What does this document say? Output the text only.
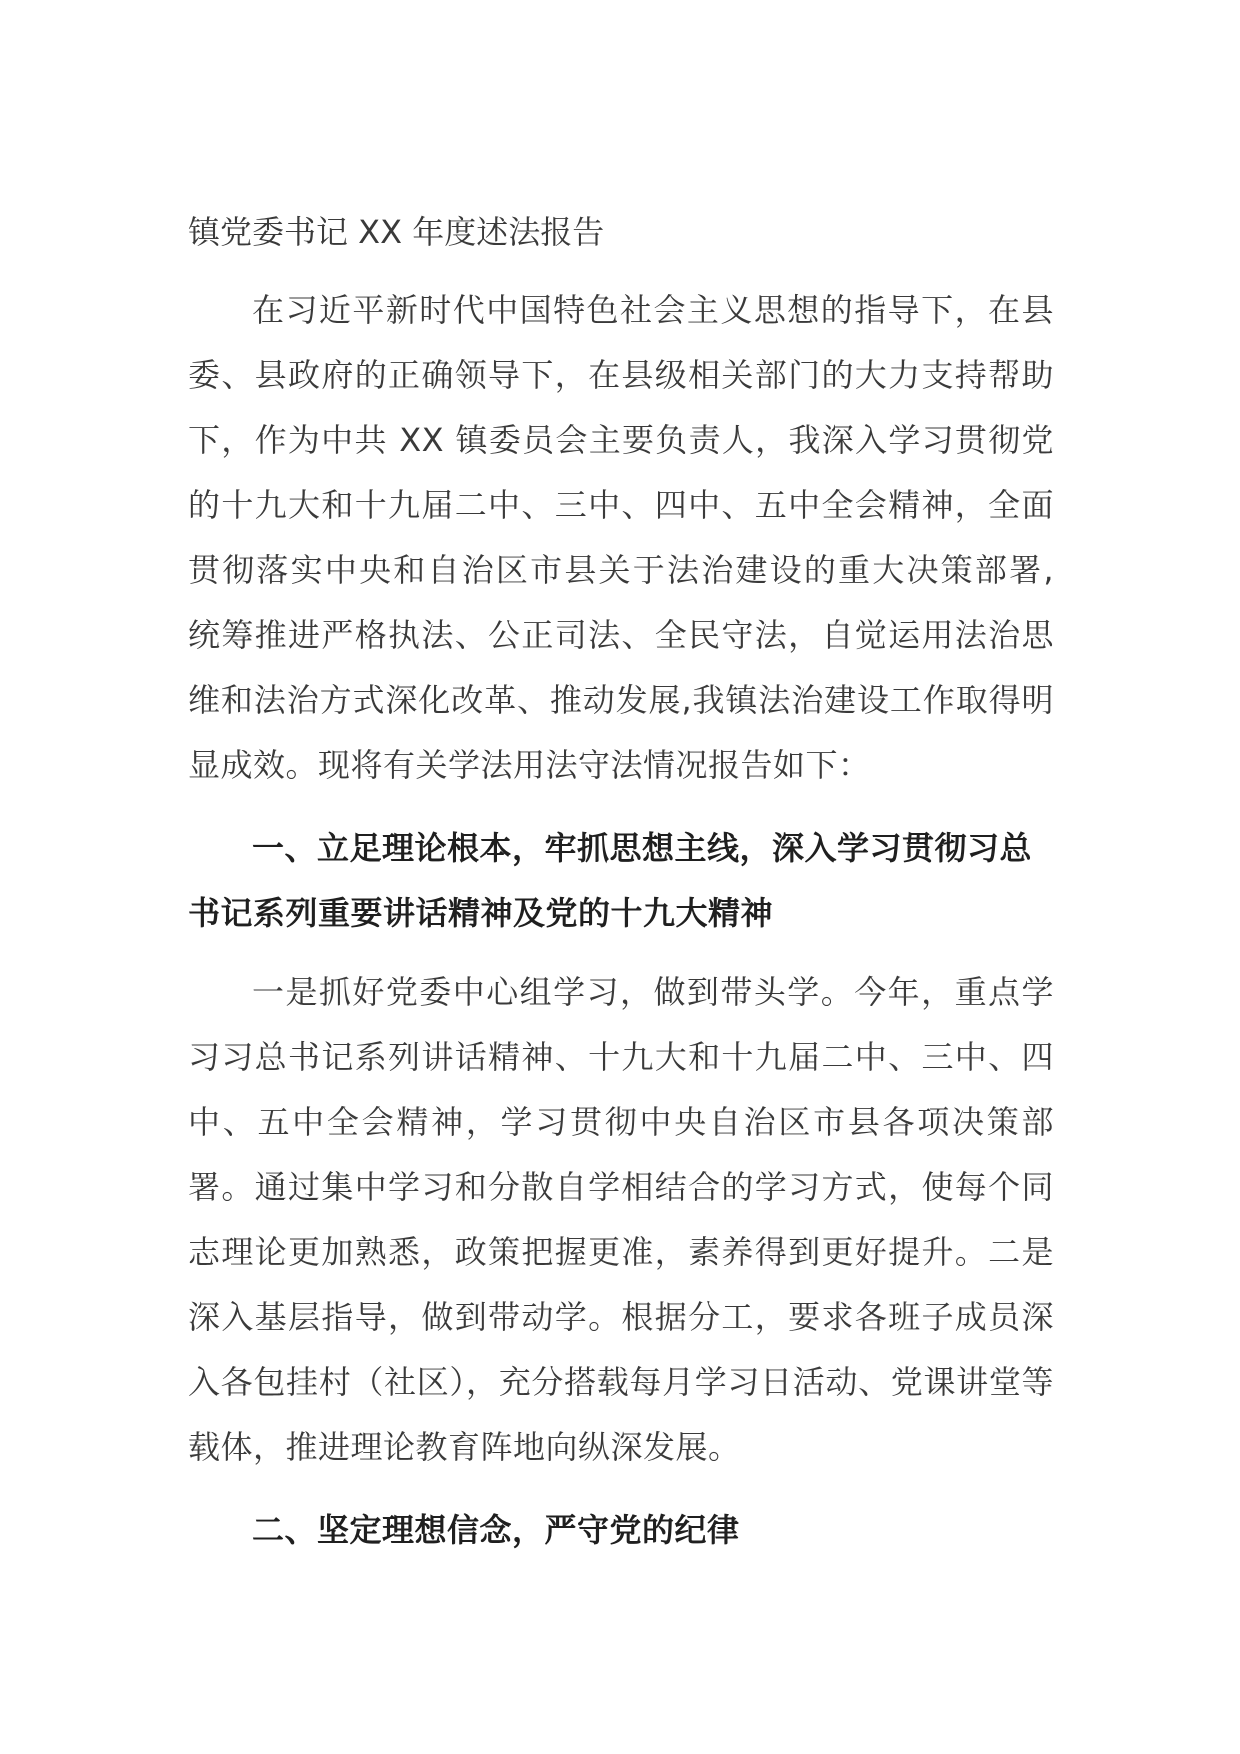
镇党委书记 XX 年度述法报告

在习近平新时代中国特色社会主义思想的指导下，在县委、县政府的正确领导下，在县级相关部门的大力支持帮助下，作为中共 XX 镇委员会主要负责人，我深入学习贯彻党的十九大和十九届二中、三中、四中、五中全会精神，全面贯彻落实中央和自治区市县关于法治建设的重大决策部署, 统筹推进严格执法、公正司法、全民守法，自觉运用法治思维和法治方式深化改革、推动发展,我镇法治建设工作取得明显成效。现将有关学法用法守法情况报告如下：

一、立足理论根本，牢抓思想主线，深入学习贯彻习总书记系列重要讲话精神及党的十九大精神

一是抓好党委中心组学习，做到带头学。今年，重点学习习总书记系列讲话精神、十九大和十九届二中、三中、四中、五中全会精神，学习贯彻中央自治区市县各项决策部署。通过集中学习和分散自学相结合的学习方式，使每个同志理论更加熟悉，政策把握更准，素养得到更好提升。二是深入基层指导，做到带动学。根据分工，要求各班子成员深入各包挂村（社区），充分搭载每月学习日活动、党课讲堂等载体，推进理论教育阵地向纵深发展。

二、坚定理想信念，严守党的纪律
